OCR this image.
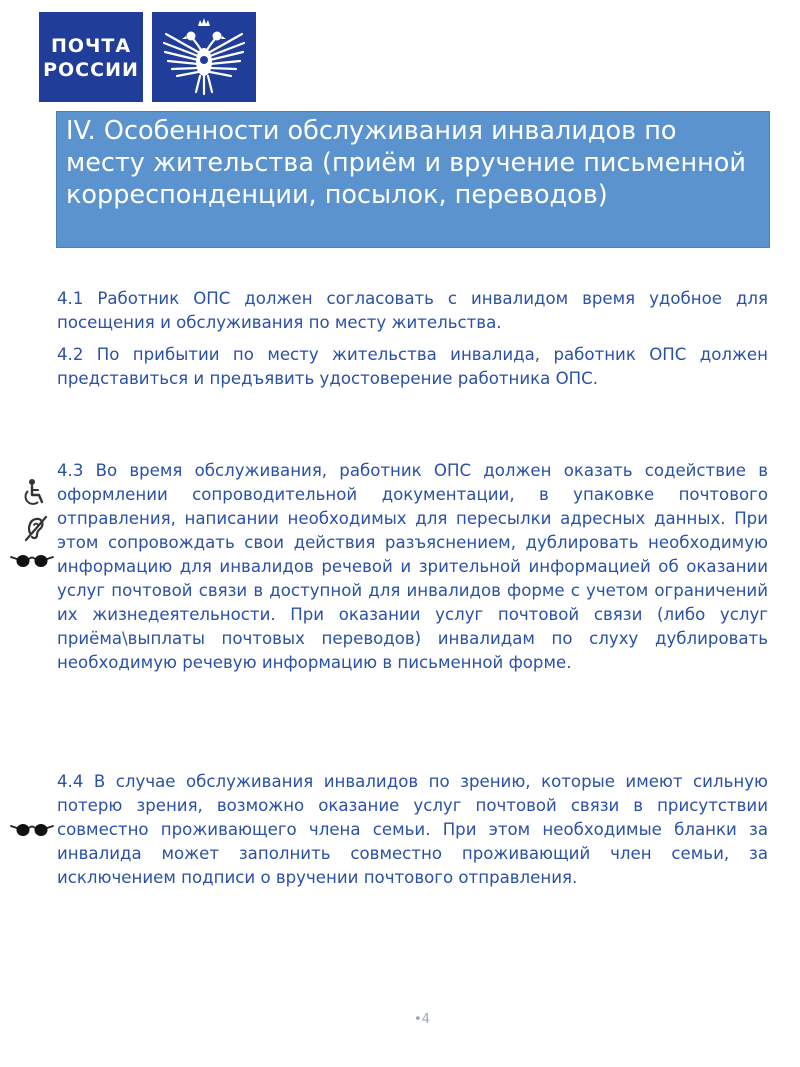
ПОЧТА
РОССИИ
IV. Особенности обслуживания инвалидов по месту жительства (приём и вручение письменной корреспонденции, посылок, переводов)

4.1 Работник ОПС должен согласовать с инвалидом время удобное для посещения и обслуживания по месту жительства.

4.2 По прибытии по месту жительства инвалида, работник ОПС должен представиться и предъявить удостоверение работника ОПС.

4.3 Во время обслуживания, работник ОПС должен оказать содействие в оформлении сопроводительной документации, в упаковке почтового отправления, написании необходимых для пересылки адресных данных. При этом сопровождать свои действия разъяснением, дублировать необходимую информацию для инвалидов речевой и зрительной информацией об оказании услуг почтовой связи в доступной для инвалидов форме с учетом ограничений их жизнедеятельности. При оказании услуг почтовой связи (либо услуг приёма\выплаты почтовых переводов) инвалидам по слуху дублировать необходимую речевую информацию в письменной форме.

4.4 В случае обслуживания инвалидов по зрению, которые имеют сильную потерю зрения, возможно оказание услуг почтовой связи в присутствии совместно проживающего члена семьи. При этом необходимые бланки за инвалида может заполнить совместно проживающий член семьи, за исключением подписи о вручении почтового отправления.

•4
